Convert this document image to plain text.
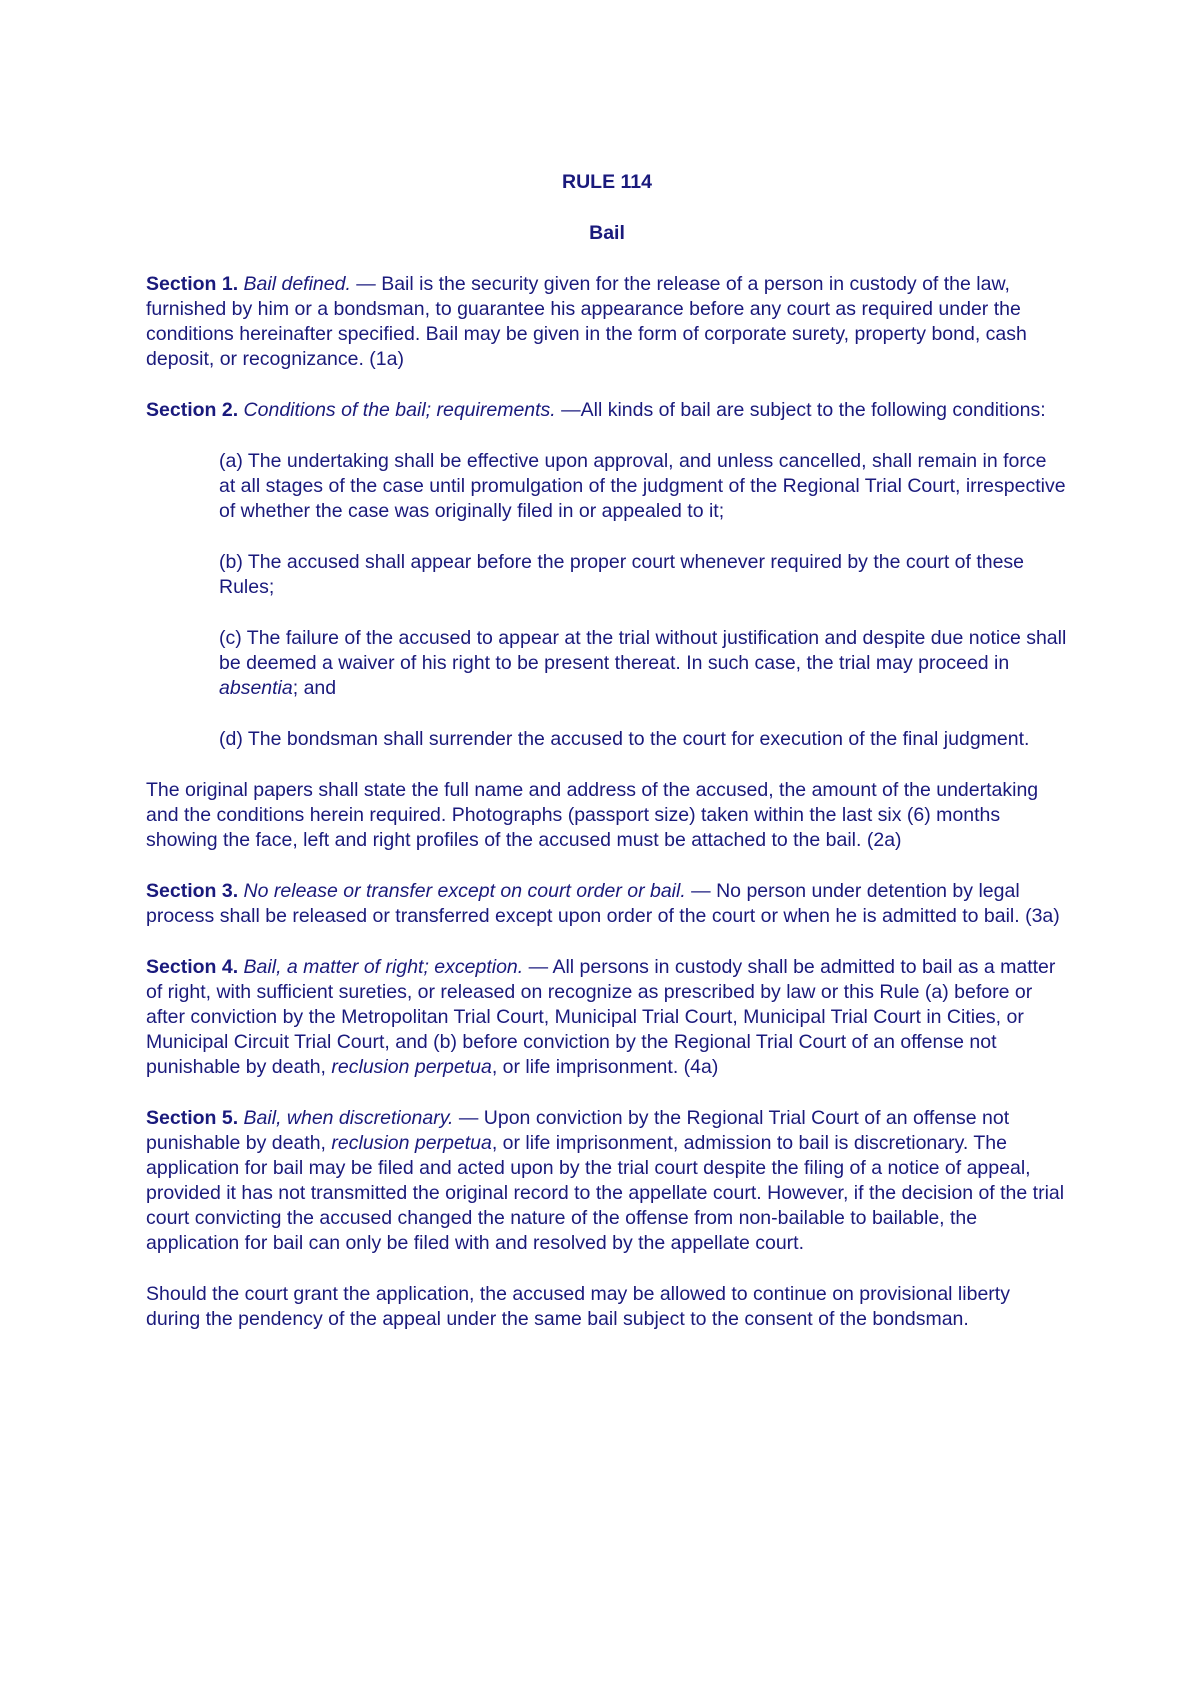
RULE 114

Bail

Section 1. Bail defined. — Bail is the security given for the release of a person in custody of the law, furnished by him or a bondsman, to guarantee his appearance before any court as required under the conditions hereinafter specified. Bail may be given in the form of corporate surety, property bond, cash deposit, or recognizance. (1a)

Section 2. Conditions of the bail; requirements. —All kinds of bail are subject to the following conditions:

(a) The undertaking shall be effective upon approval, and unless cancelled, shall remain in force at all stages of the case until promulgation of the judgment of the Regional Trial Court, irrespective of whether the case was originally filed in or appealed to it;

(b) The accused shall appear before the proper court whenever required by the court of these Rules;

(c) The failure of the accused to appear at the trial without justification and despite due notice shall be deemed a waiver of his right to be present thereat. In such case, the trial may proceed in absentia; and

(d) The bondsman shall surrender the accused to the court for execution of the final judgment.

The original papers shall state the full name and address of the accused, the amount of the undertaking and the conditions herein required. Photographs (passport size) taken within the last six (6) months showing the face, left and right profiles of the accused must be attached to the bail. (2a)

Section 3. No release or transfer except on court order or bail. — No person under detention by legal process shall be released or transferred except upon order of the court or when he is admitted to bail. (3a)

Section 4. Bail, a matter of right; exception. — All persons in custody shall be admitted to bail as a matter of right, with sufficient sureties, or released on recognize as prescribed by law or this Rule (a) before or after conviction by the Metropolitan Trial Court, Municipal Trial Court, Municipal Trial Court in Cities, or Municipal Circuit Trial Court, and (b) before conviction by the Regional Trial Court of an offense not punishable by death, reclusion perpetua, or life imprisonment. (4a)

Section 5. Bail, when discretionary. — Upon conviction by the Regional Trial Court of an offense not punishable by death, reclusion perpetua, or life imprisonment, admission to bail is discretionary. The application for bail may be filed and acted upon by the trial court despite the filing of a notice of appeal, provided it has not transmitted the original record to the appellate court. However, if the decision of the trial court convicting the accused changed the nature of the offense from non-bailable to bailable, the application for bail can only be filed with and resolved by the appellate court.

Should the court grant the application, the accused may be allowed to continue on provisional liberty during the pendency of the appeal under the same bail subject to the consent of the bondsman.
